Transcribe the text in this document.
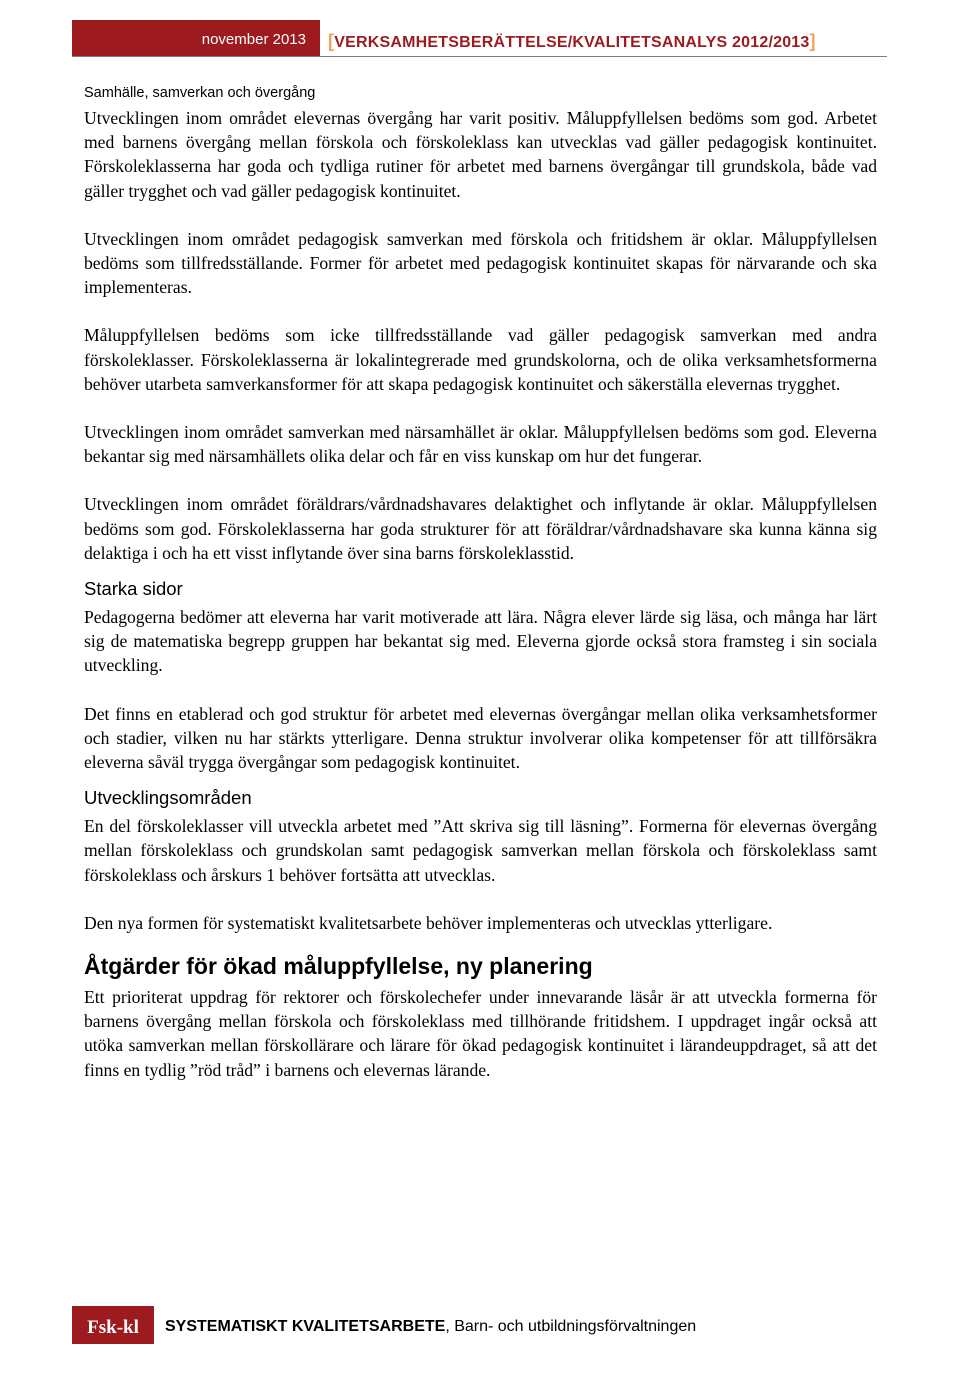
november 2013	[VERKSAMHETSBERÄTTELSE/KVALITETSANALYS 2012/2013]
Samhälle, samverkan och övergång

Utvecklingen inom området elevernas övergång har varit positiv. Måluppfyllelsen bedöms som god. Arbetet med barnens övergång mellan förskola och förskoleklass kan utvecklas vad gäller pedagogisk kontinuitet. Förskoleklasserna har goda och tydliga rutiner för arbetet med barnens övergångar till grundskola, både vad gäller trygghet och vad gäller pedagogisk kontinuitet.

Utvecklingen inom området pedagogisk samverkan med förskola och fritidshem är oklar. Måluppfyllelsen bedöms som tillfredsställande. Former för arbetet med pedagogisk kontinuitet skapas för närvarande och ska implementeras.

Måluppfyllelsen bedöms som icke tillfredsställande vad gäller pedagogisk samverkan med andra förskoleklasser. Förskoleklasserna är lokalintegrerade med grundskolorna, och de olika verksamhetsformerna behöver utarbeta samverkansformer för att skapa pedagogisk kontinuitet och säkerställa elevernas trygghet.

Utvecklingen inom området samverkan med närsamhället är oklar. Måluppfyllelsen bedöms som god. Eleverna bekantar sig med närsamhällets olika delar och får en viss kunskap om hur det fungerar.

Utvecklingen inom området föräldrars/vårdnadshavares delaktighet och inflytande är oklar. Måluppfyllelsen bedöms som god. Förskoleklasserna har goda strukturer för att föräldrar/vårdnadshavare ska kunna känna sig delaktiga i och ha ett visst inflytande över sina barns förskoleklasstid.

Starka sidor

Pedagogerna bedömer att eleverna har varit motiverade att lära. Några elever lärde sig läsa, och många har lärt sig de matematiska begrepp gruppen har bekantat sig med. Eleverna gjorde också stora framsteg i sin sociala utveckling.

Det finns en etablerad och god struktur för arbetet med elevernas övergångar mellan olika verksamhetsformer och stadier, vilken nu har stärkts ytterligare. Denna struktur involverar olika kompetenser för att tillförsäkra eleverna såväl trygga övergångar som pedagogisk kontinuitet.

Utvecklingsområden

En del förskoleklasser vill utveckla arbetet med ”Att skriva sig till läsning”. Formerna för elevernas övergång mellan förskoleklass och grundskolan samt pedagogisk samverkan mellan förskola och förskoleklass samt förskoleklass och årskurs 1 behöver fortsätta att utvecklas.

Den nya formen för systematiskt kvalitetsarbete behöver implementeras och utvecklas ytterligare.

Åtgärder för ökad måluppfyllelse, ny planering

Ett prioriterat uppdrag för rektorer och förskolechefer under innevarande läsår är att utveckla formerna för barnens övergång mellan förskola och förskoleklass med tillhörande fritidshem. I uppdraget ingår också att utöka samverkan mellan förskollärare och lärare för ökad pedagogisk kontinuitet i lärandeuppdraget, så att det finns en tydlig ”röd tråd” i barnens och elevernas lärande.

Fsk-kl	SYSTEMATISKT KVALITETSARBETE, Barn- och utbildningsförvaltningen
